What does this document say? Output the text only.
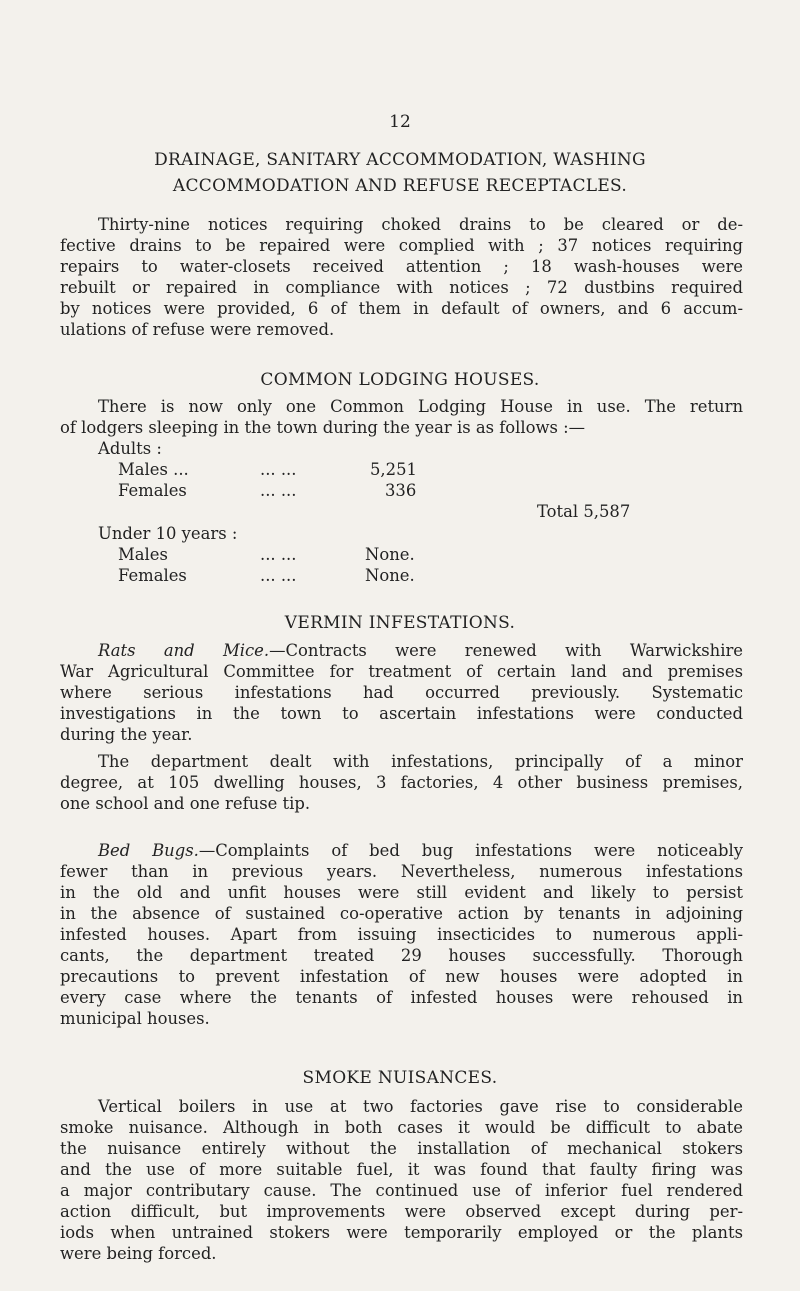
12
DRAINAGE, SANITARY ACCOMMODATION, WASHING
ACCOMMODATION AND REFUSE RECEPTACLES.
Thirty-nine notices requiring choked drains to be cleared or de-
fective drains to be repaired were complied with ; 37 notices requiring
repairs to water-closets received attention ; 18 wash-houses were
rebuilt or repaired in compliance with notices ; 72 dustbins required
by notices were provided, 6 of them in default of owners, and 6 accum-
ulations of refuse were removed.
COMMON LODGING HOUSES.
There is now only one Common Lodging House in use. The return
of lodgers sleeping in the town during the year is as follows :—
Adults :
Males ...	... ...	5,251
Females	... ...	336
Total 5,587
Under 10 years :
Males	... ...	None.
Females	... ...	None.
VERMIN INFESTATIONS.
Rats and Mice.—Contracts were renewed with Warwickshire
War Agricultural Committee for treatment of certain land and premises
where serious infestations had occurred previously. Systematic
investigations in the town to ascertain infestations were conducted
during the year.
The department dealt with infestations, principally of a minor
degree, at 105 dwelling houses, 3 factories, 4 other business premises,
one school and one refuse tip.
Bed Bugs.—Complaints of bed bug infestations were noticeably
fewer than in previous years. Nevertheless, numerous infestations
in the old and unfit houses were still evident and likely to persist
in the absence of sustained co-operative action by tenants in adjoining
infested houses. Apart from issuing insecticides to numerous appli-
cants, the department treated 29 houses successfully. Thorough
precautions to prevent infestation of new houses were adopted in
every case where the tenants of infested houses were rehoused in
municipal houses.
SMOKE NUISANCES.
Vertical boilers in use at two factories gave rise to considerable
smoke nuisance. Although in both cases it would be difficult to abate
the nuisance entirely without the installation of mechanical stokers
and the use of more suitable fuel, it was found that faulty firing was
a major contributary cause. The continued use of inferior fuel rendered
action difficult, but improvements were observed except during per-
iods when untrained stokers were temporarily employed or the plants
were being forced.
